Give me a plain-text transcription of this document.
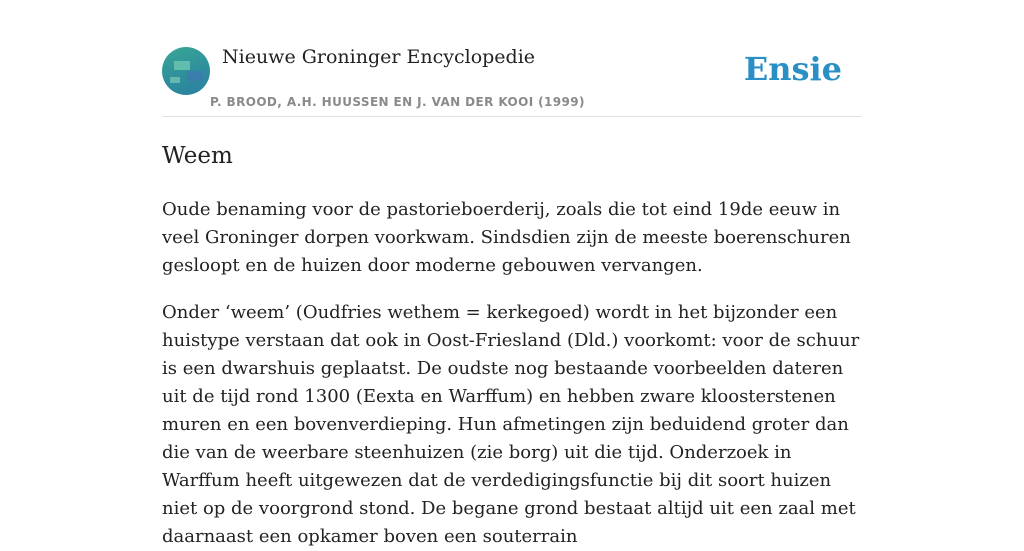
Nieuwe Groninger Encyclopedie
P. BROOD, A.H. HUUSSEN EN J. VAN DER KOOI (1999)
Ensie
Weem

Oude benaming voor de pastorieboerderij, zoals die tot eind 19de eeuw in veel Groninger dorpen voorkwam. Sindsdien zijn de meeste boerenschuren gesloopt en de huizen door moderne gebouwen vervangen.

Onder ‘weem’ (Oudfries wethem = kerkegoed) wordt in het bijzonder een huistype verstaan dat ook in Oost-Friesland (Dld.) voorkomt: voor de schuur is een dwarshuis geplaatst. De oudste nog bestaande voorbeelden dateren uit de tijd rond 1300 (Eexta en Warffum) en hebben zware kloosterstenen muren en een bovenverdieping. Hun afmetingen zijn beduidend groter dan die van de weerbare steenhuizen (zie borg) uit die tijd. Onderzoek in Warffum heeft uitgewezen dat de verdedigingsfunctie bij dit soort huizen niet op de voorgrond stond. De begane grond bestaat altijd uit een zaal met daarnaast een opkamer boven een souterrain
